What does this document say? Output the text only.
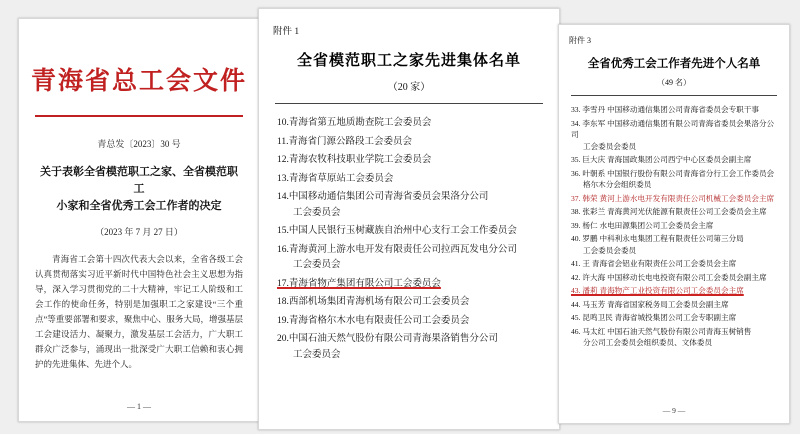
青海省总工会文件
青总发〔2023〕30 号
关于表彰全省模范职工之家、全省模范职工
小家和全省优秀工会工作者的决定
（2023 年 7 月 27 日）
青海省工会第十四次代表大会以来，全省各级工会认真贯彻落实习近平新时代中国特色社会主义思想为指导，深入学习贯彻党的二十大精神，牢记工人阶级和工会工作的使命任务，特别是加强职工之家建设“三个重点”等重要部署和要求，聚焦中心、服务大局，增强基层工会建设活力、凝聚力，激发基层工会活力，广大职工群众广泛参与，涌现出一批深受广大职工信赖和衷心拥护的先进集体、先进个人。
— 1 —
附件 1
全省模范职工之家先进集体名单
（20 家）
10.青海省第五地质勘查院工会委员会
11.青海省门源公路段工会委员会
12.青海农牧科技职业学院工会委员会
13.青海省草原站工会委员会
14.中国移动通信集团公司青海省委员会果洛分公司
工会委员会
15.中国人民银行玉树藏族自治州中心支行工会工作委员会
16.青海黄河上游水电开发有限责任公司拉西瓦发电分公司
工会委员会
17.青海省物产集团有限公司工会委员会
18.西部机场集团青海机场有限公司工会委员会
19.青海省格尔木水电有限责任公司工会委员会
20.中国石油天然气股份有限公司青海果洛销售分公司
工会委员会
附件 3
全省优秀工会工作者先进个人名单
（49 名）
33. 李雪丹 中国移动通信集团公司青海省委员会专职干事
34. 李东军 中国移动通信集团有限公司青海省委员会果洛分公司
工会委员会委员
35. 巨大庆 青海国政集团公司西宁中心区委员会副主席
36. 叶朝系 中国银行股份有限公司青海省分行工会工作委员会
格尔木分会组织委员
37. 韩荣 黄河上游水电开发有限责任公司机械工会委员会主席
38. 张彩兰 青海黄河光伏能源有限责任公司工会委员会主席
39. 杨仁 水电田源集团公司工会委员会主席
40. 罗鹏 中科利永电集团工程有限责任公司第三分局
工会委员会委员
41. 王 青海省会铝业有限责任公司工会委员会主席
42. 许大海 中国移动长电电投资有限公司工会委员会副主席
43. 潘莉 青海物产工业投资有限公司工会委员会主席
44. 马玉芳 青海省国家税务局工会委员会副主席
45. 昆鸣卫民 青海省城投集团公司工会专职副主席
46. 马太红 中国石油天然气股份有限公司青海玉树销售
分公司工会委员会组织委员、文体委员
— 9 —
